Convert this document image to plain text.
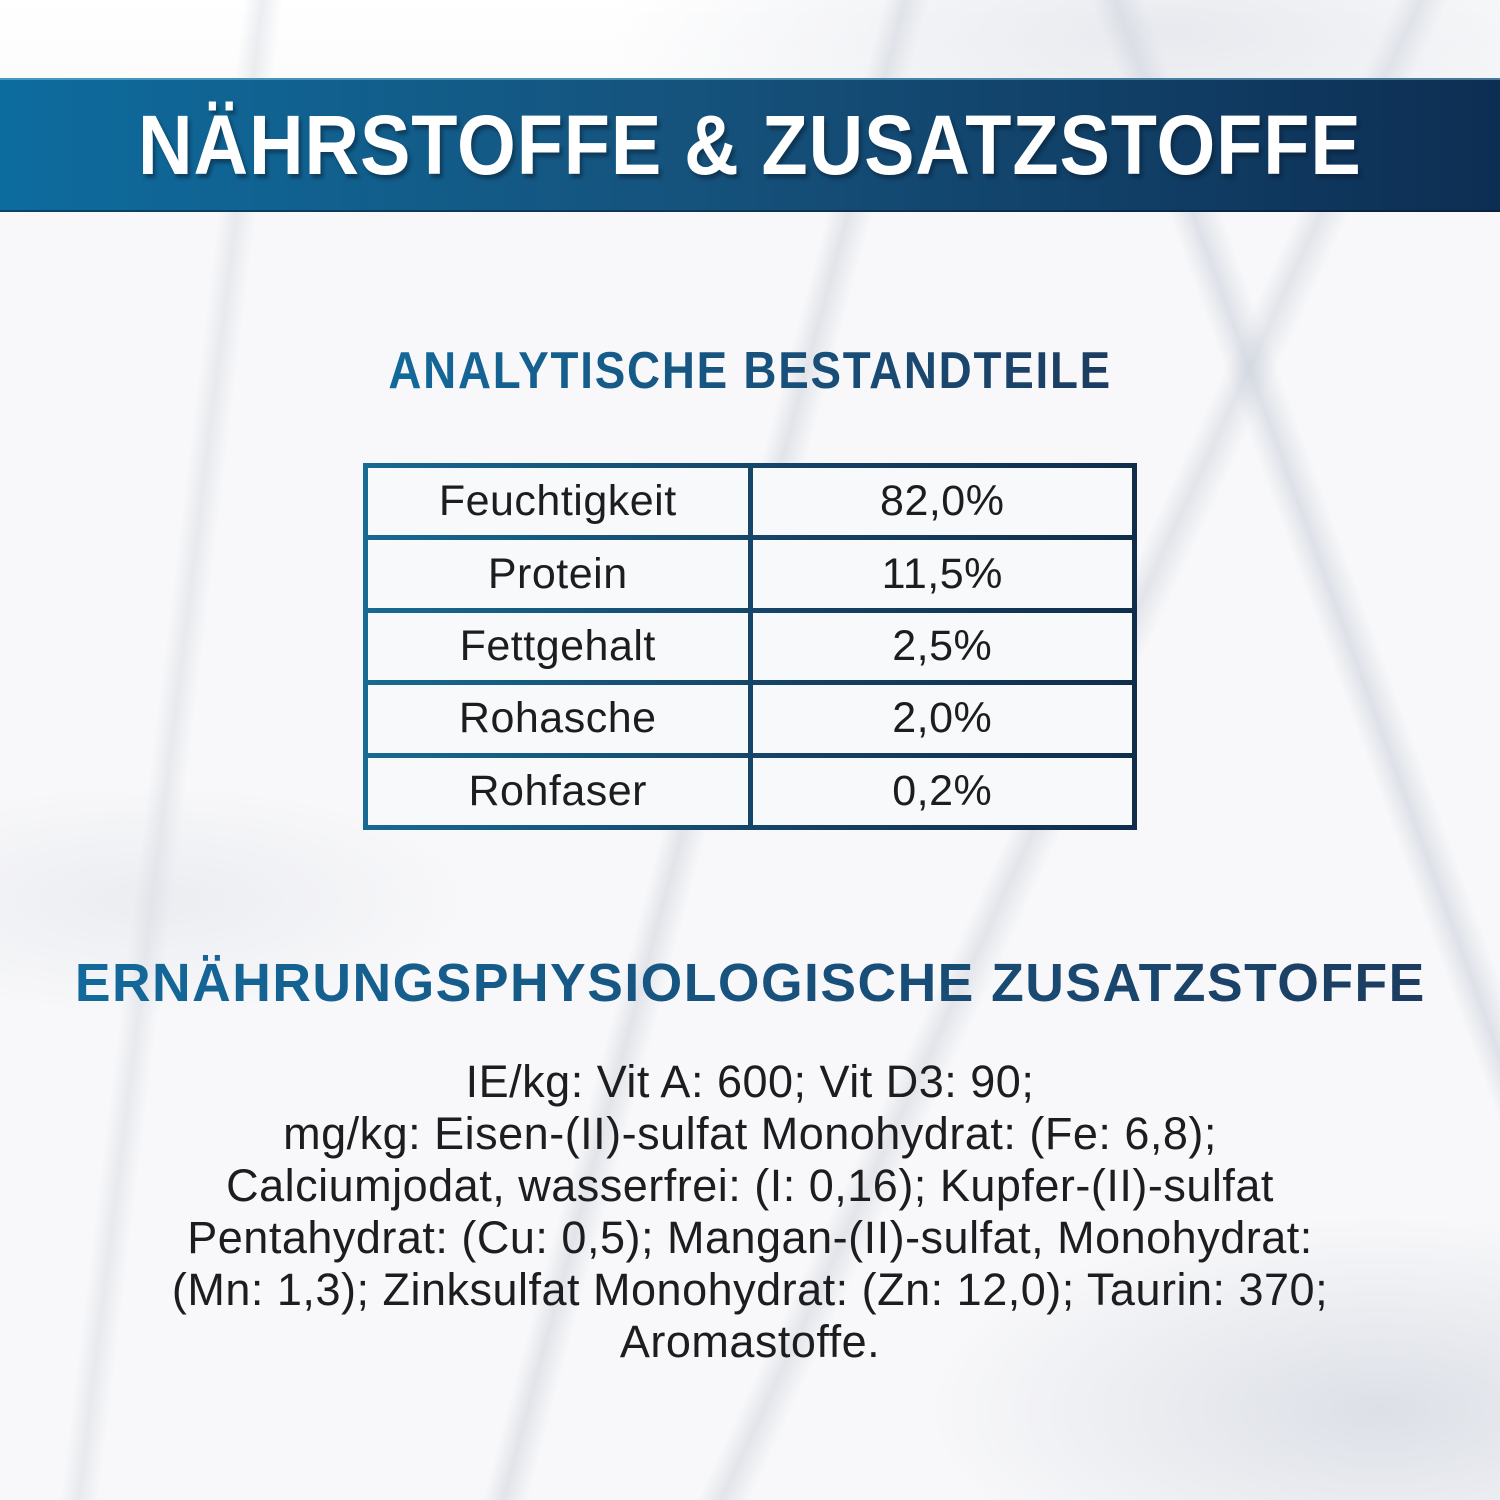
NÄHRSTOFFE & ZUSATZSTOFFE
ANALYTISCHE BESTANDTEILE
Feuchtigkeit	82,0%
Protein	11,5%
Fettgehalt	2,5%
Rohasche	2,0%
Rohfaser	0,2%
ERNÄHRUNGSPHYSIOLOGISCHE ZUSATZSTOFFE
IE/kg: Vit A: 600; Vit D3: 90;
mg/kg: Eisen-(II)-sulfat Monohydrat: (Fe: 6,8);
Calciumjodat, wasserfrei: (I: 0,16); Kupfer-(II)-sulfat
Pentahydrat: (Cu: 0,5); Mangan-(II)-sulfat, Monohydrat:
(Mn: 1,3); Zinksulfat Monohydrat: (Zn: 12,0); Taurin: 370;
Aromastoffe.
